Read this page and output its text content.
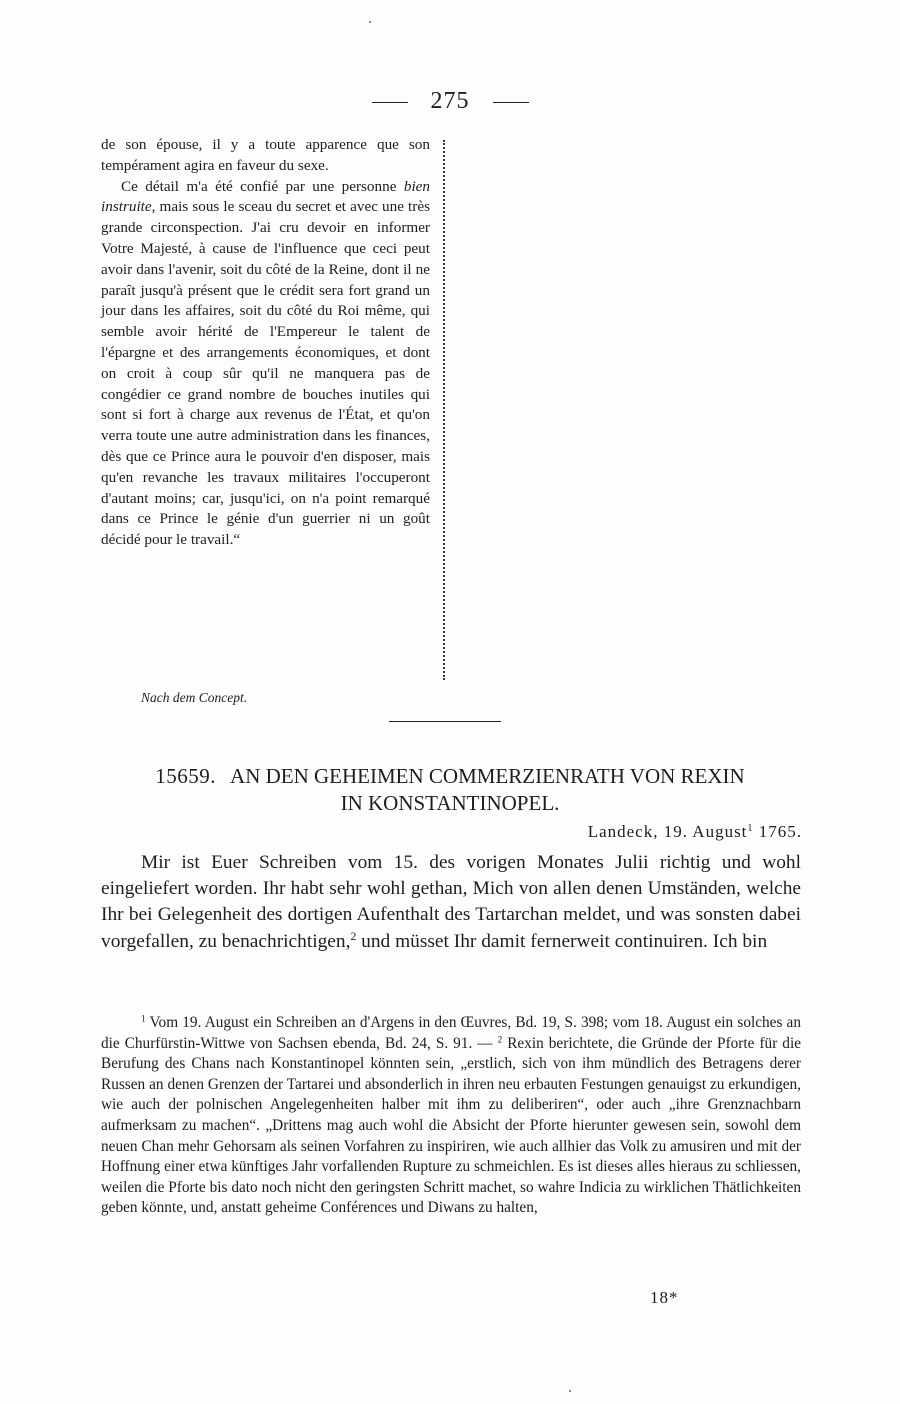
275

de son épouse, il y a toute apparence que son tempérament agira en faveur du sexe.

Ce détail m'a été confié par une personne bien instruite, mais sous le sceau du secret et avec une très grande circonspection. J'ai cru devoir en informer Votre Majesté, à cause de l'influence que ceci peut avoir dans l'avenir, soit du côté de la Reine, dont il ne paraît jusqu'à présent que le crédit sera fort grand un jour dans les affaires, soit du côté du Roi même, qui semble avoir hérité de l'Empereur le talent de l'épargne et des arrangements économiques, et dont on croit à coup sûr qu'il ne manquera pas de congédier ce grand nombre de bouches inutiles qui sont si fort à charge aux revenus de l'État, et qu'on verra toute une autre administration dans les finances, dès que ce Prince aura le pouvoir d'en disposer, mais qu'en revanche les travaux militaires l'occuperont d'autant moins; car, jusqu'ici, on n'a point remarqué dans ce Prince le génie d'un guerrier ni un goût décidé pour le travail.“

Nach dem Concept.
15659. AN DEN GEHEIMEN COMMERZIENRATH VON REXIN
IN KONSTANTINOPEL.
Landeck, 19. August$^1$ 1765.

Mir ist Euer Schreiben vom 15. des vorigen Monates Julii richtig und wohl eingeliefert worden. Ihr habt sehr wohl gethan, Mich von allen denen Umständen, welche Ihr bei Gelegenheit des dortigen Aufenthalt des Tartarchan meldet, und was sonsten dabei vorgefallen, zu benachrichtigen,$^2$ und müsset Ihr damit fernerweit continuiren. Ich bin

$^1$ Vom 19. August ein Schreiben an d'Argens in den Œuvres, Bd. 19, S. 398; vom 18. August ein solches an die Churfürstin-Wittwe von Sachsen ebenda, Bd. 24, S. 91. — $^2$ Rexin berichtete, die Gründe der Pforte für die Berufung des Chans nach Konstantinopel könnten sein, „erstlich, sich von ihm mündlich des Betragens derer Russen an denen Grenzen der Tartarei und absonderlich in ihren neu erbauten Festungen genauigst zu erkundigen, wie auch der polnischen Angelegenheiten halber mit ihm zu deliberiren“, oder auch „ihre Grenznachbarn aufmerksam zu machen“. „Drittens mag auch wohl die Absicht der Pforte hierunter gewesen sein, sowohl dem neuen Chan mehr Gehorsam als seinen Vorfahren zu inspiriren, wie auch allhier das Volk zu amusiren und mit der Hoffnung einer etwa künftiges Jahr vorfallenden Rupture zu schmeichlen. Es ist dieses alles hieraus zu schliessen, weilen die Pforte bis dato noch nicht den geringsten Schritt machet, so wahre Indicia zu wirklichen Thätlichkeiten geben könnte, und, anstatt geheime Conférences und Diwans zu halten,

18*
